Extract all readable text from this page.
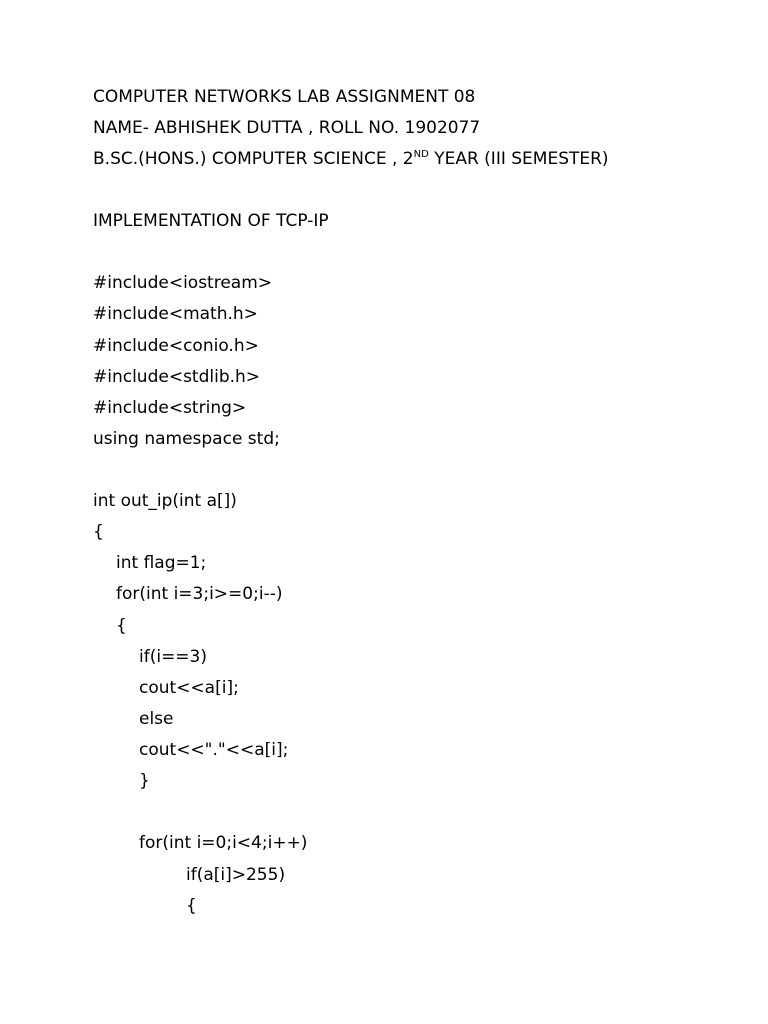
COMPUTER NETWORKS LAB ASSIGNMENT 08
NAME- ABHISHEK DUTTA , ROLL NO. 1902077
B.SC.(HONS.) COMPUTER SCIENCE , 2ND YEAR (III SEMESTER)
IMPLEMENTATION OF TCP-IP
#include<iostream>
#include<math.h>
#include<conio.h>
#include<stdlib.h>
#include<string>
using namespace std;
int out_ip(int a[])
{
int flag=1;
for(int i=3;i>=0;i--)
{
if(i==3)
cout<<a[i];
else
cout<<"."<<a[i];
}
for(int i=0;i<4;i++)
if(a[i]>255)
{
